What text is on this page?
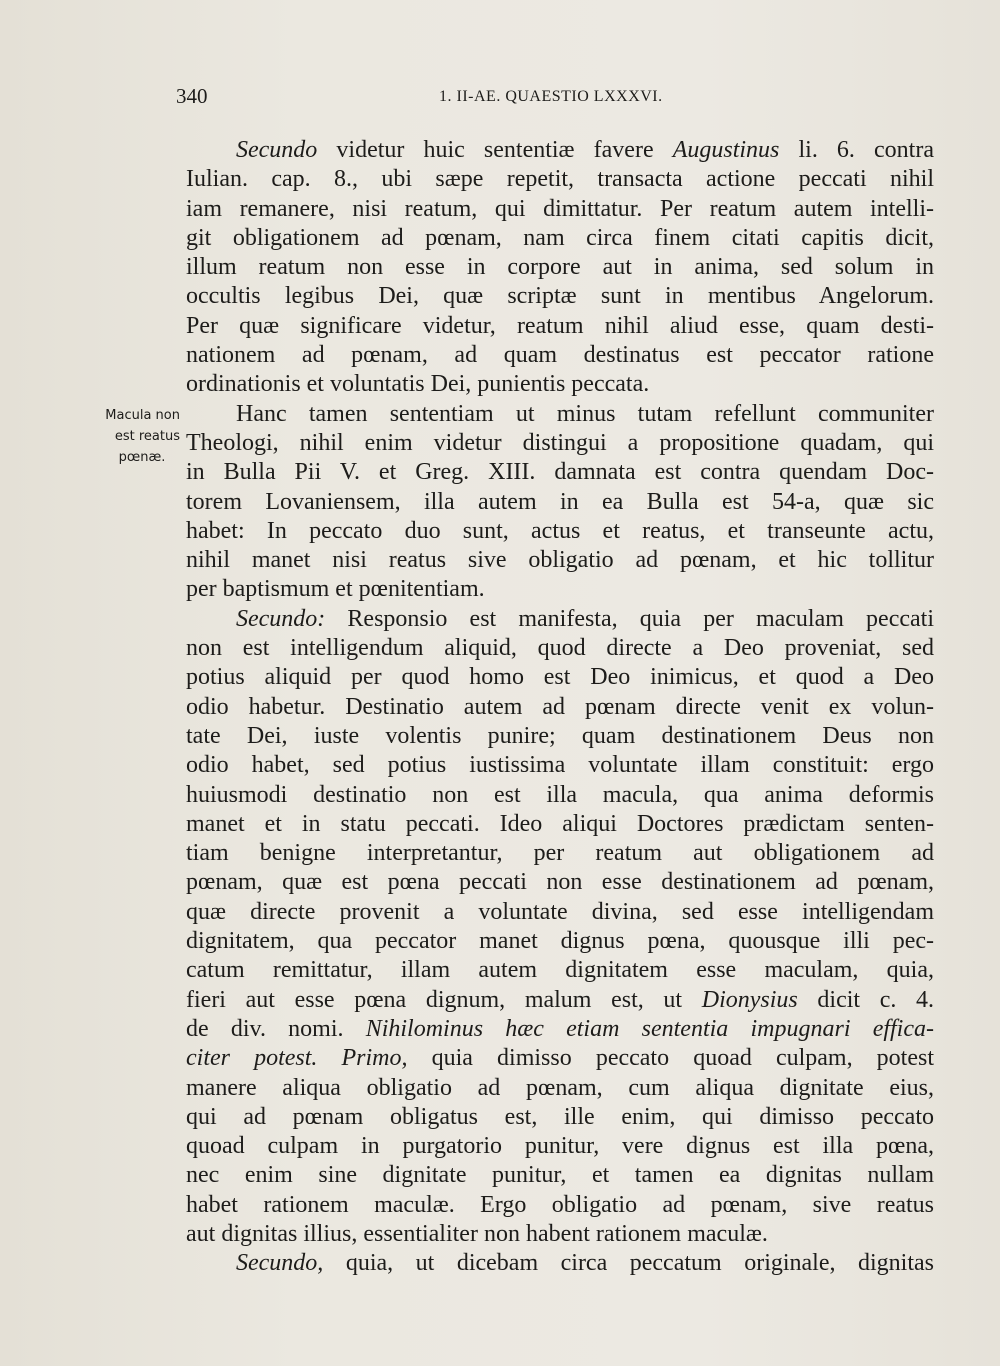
340	1. II-AE. QUAESTIO LXXXVI.
Macula non
est reatus
pœnæ.
Secundo videtur huic sententiæ favere Augustinus li. 6. contra
Iulian. cap. 8., ubi sæpe repetit, transacta actione peccati nihil
iam remanere, nisi reatum, qui dimittatur. Per reatum autem intelli-
git obligationem ad pœnam, nam circa finem citati capitis dicit,
illum reatum non esse in corpore aut in anima, sed solum in
occultis legibus Dei, quæ scriptæ sunt in mentibus Angelorum.
Per quæ significare videtur, reatum nihil aliud esse, quam desti-
nationem ad pœnam, ad quam destinatus est peccator ratione
ordinationis et voluntatis Dei, punientis peccata.
Hanc tamen sententiam ut minus tutam refellunt communiter
Theologi, nihil enim videtur distingui a propositione quadam, qui
in Bulla Pii V. et Greg. XIII. damnata est contra quendam Doc-
torem Lovaniensem, illa autem in ea Bulla est 54-a, quæ sic
habet: In peccato duo sunt, actus et reatus, et transeunte actu,
nihil manet nisi reatus sive obligatio ad pœnam, et hic tollitur
per baptismum et pœnitentiam.
Secundo: Responsio est manifesta, quia per maculam peccati
non est intelligendum aliquid, quod directe a Deo proveniat, sed
potius aliquid per quod homo est Deo inimicus, et quod a Deo
odio habetur. Destinatio autem ad pœnam directe venit ex volun-
tate Dei, iuste volentis punire; quam destinationem Deus non
odio habet, sed potius iustissima voluntate illam constituit: ergo
huiusmodi destinatio non est illa macula, qua anima deformis
manet et in statu peccati. Ideo aliqui Doctores prædictam senten-
tiam benigne interpretantur, per reatum aut obligationem ad
pœnam, quæ est pœna peccati non esse destinationem ad pœnam,
quæ directe provenit a voluntate divina, sed esse intelligendam
dignitatem, qua peccator manet dignus pœna, quousque illi pec-
catum remittatur, illam autem dignitatem esse maculam, quia,
fieri aut esse pœna dignum, malum est, ut Dionysius dicit c. 4.
de div. nomi. Nihilominus hæc etiam sententia impugnari effica-
citer potest. Primo, quia dimisso peccato quoad culpam, potest
manere aliqua obligatio ad pœnam, cum aliqua dignitate eius,
qui ad pœnam obligatus est, ille enim, qui dimisso peccato
quoad culpam in purgatorio punitur, vere dignus est illa pœna,
nec enim sine dignitate punitur, et tamen ea dignitas nullam
habet rationem maculæ. Ergo obligatio ad pœnam, sive reatus
aut dignitas illius, essentialiter non habent rationem maculæ.
Secundo, quia, ut dicebam circa peccatum originale, dignitas
